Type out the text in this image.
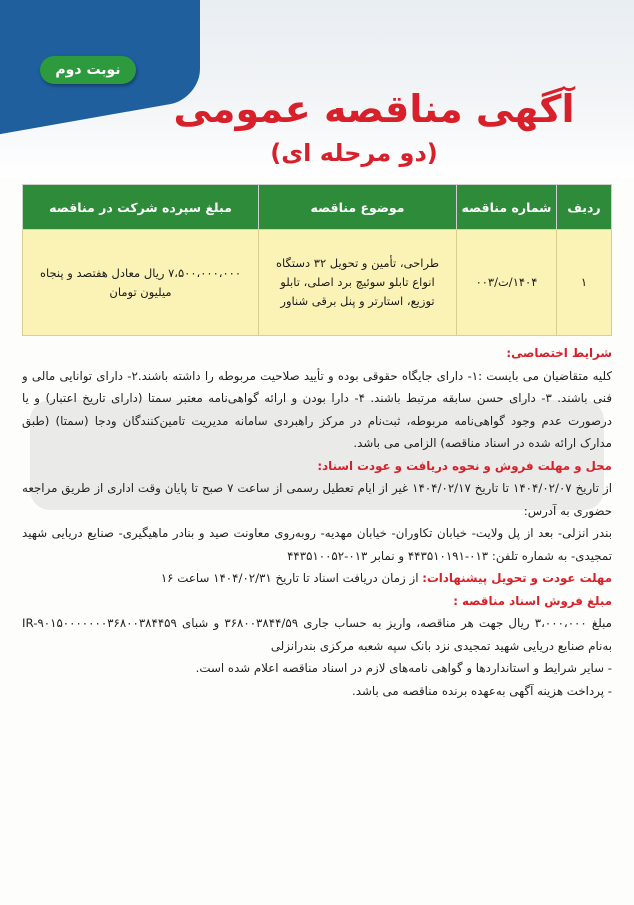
نوبت دوم
آگهی مناقصه عمومی
(دو مرحله ای)
ردیف	شماره مناقصه	موضوع مناقصه	مبلغ سپرده شرکت در مناقصه
۱	۱۴۰۴/ت/۰۰۳	طراحی، تأمین و تحویل ۳۲ دستگاه انواع تابلو سوئیچ برد اصلی، تابلو توزیع، استارتر و پنل برقی شناور	۷،۵۰۰،۰۰۰،۰۰۰ ریال معادل هفتصد و پنجاه میلیون تومان

شرایط اختصاصی:

کلیه متقاضیان می بایست :۱- دارای جایگاه حقوقی بوده و تأیید صلاحیت مربوطه را داشته باشند.۲- دارای توانایی مالی و فنی باشند. ۳- دارای حسن سابقه مرتبط باشند. ۴- دارا بودن و ارائه گواهی‌نامه معتبر سمتا (دارای تاریخ اعتبار) و یا درصورت عدم وجود گواهی‌نامه مربوطه، ثبت‌نام در مرکز راهبردی سامانه مدیریت تامین‌کنندگان ودجا (سمتا) (طبق مدارک ارائه شده در اسناد مناقصه) الزامی می باشد.

محل و مهلت فروش و نحوه دریافت و عودت اسناد:

از تاریخ ۱۴۰۴/۰۲/۰۷ تا تاریخ ۱۴۰۴/۰۲/۱۷ غیر از ایام تعطیل رسمی از ساعت ۷ صبح تا پایان وقت اداری از طریق مراجعه حضوری به آدرس:

بندر انزلی- بعد از پل ولایت- خیابان تکاوران- خیابان مهدیه- روبه‌روی معاونت صید و بنادر ماهیگیری- صنایع دریایی شهید تمجیدی- به شماره تلفن: ۰۱۳-۴۴۳۵۱۰۱۹۱ و نمابر ۰۱۳-۴۴۳۵۱۰۰۵۲

مهلت عودت و تحویل پیشنهادات: از زمان دریافت اسناد تا تاریخ ۱۴۰۴/۰۲/۳۱ ساعت ۱۶

مبلغ فروش اسناد مناقصه :

مبلغ ۳،۰۰۰،۰۰۰ ریال جهت هر مناقصه، واریز به حساب جاری ۳۶۸۰۰۳۸۴۴/۵۹ و شبای IR-۹۰۱۵۰۰۰۰۰۰۰۳۶۸۰۰۳۸۴۴۵۹ به‌نام صنایع دریایی شهید تمجیدی نزد بانک سپه شعبه مرکزی بندرانزلی

- سایر شرایط و استانداردها و گواهی نامه‌های لازم در اسناد مناقصه اعلام شده است.

- پرداخت هزینه آگهی به‌عهده برنده مناقصه می باشد.
